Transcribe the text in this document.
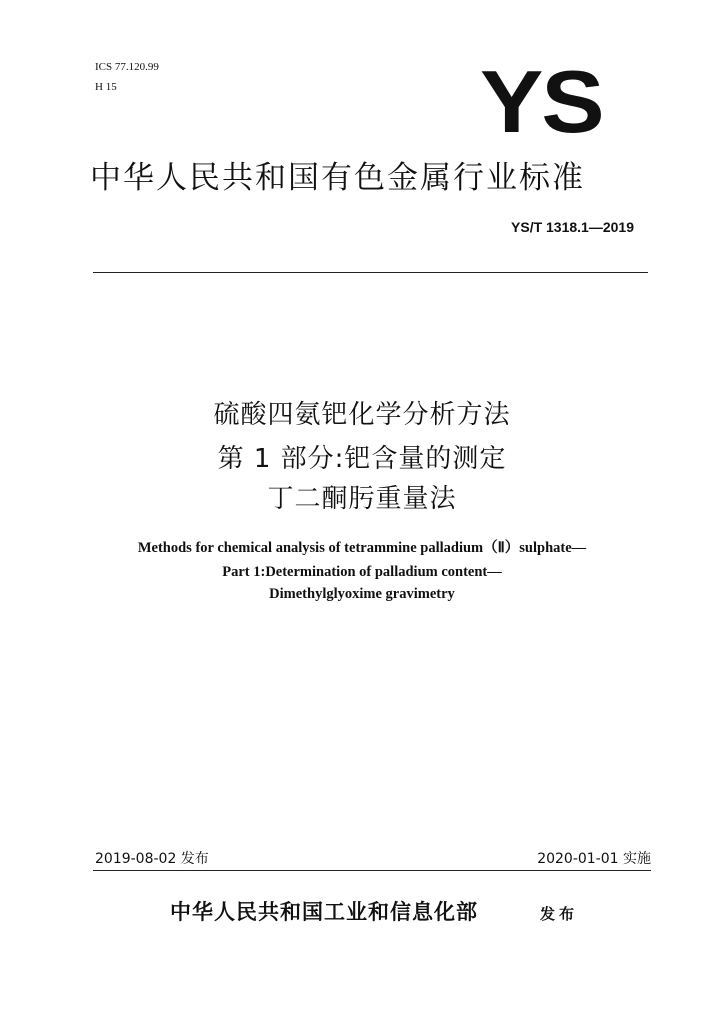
ICS 77.120.99
H 15	YS
中华人民共和国有色金属行业标准
YS/T 1318.1—2019
硫酸四氨钯化学分析方法
第 1 部分:钯含量的测定
丁二酮肟重量法
Methods for chemical analysis of tetrammine palladium（Ⅱ）sulphate—
Part 1:Determination of palladium content—
Dimethylglyoxime gravimetry
2019-08-02 发布	2020-01-01 实施
中华人民共和国工业和信息化部	发布
